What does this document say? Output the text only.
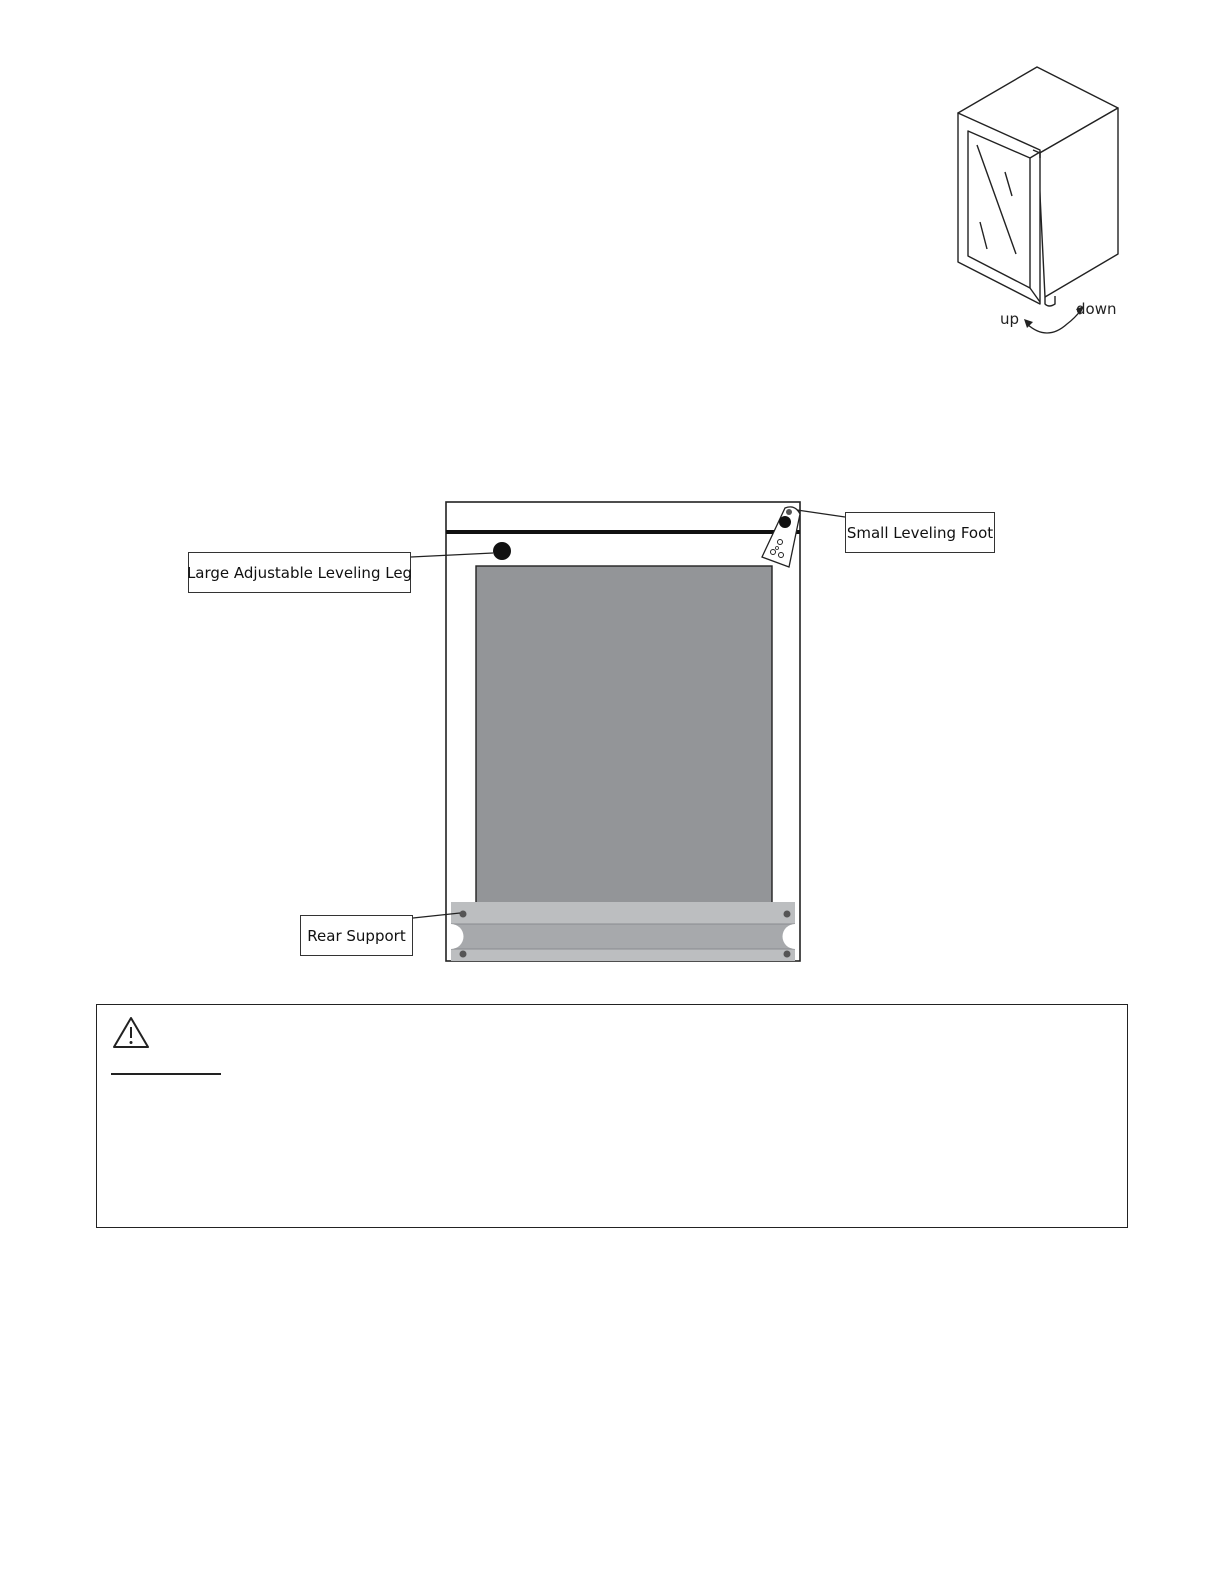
up
down
Small Leveling Foot
Large Adjustable Leveling Leg
Rear Support
